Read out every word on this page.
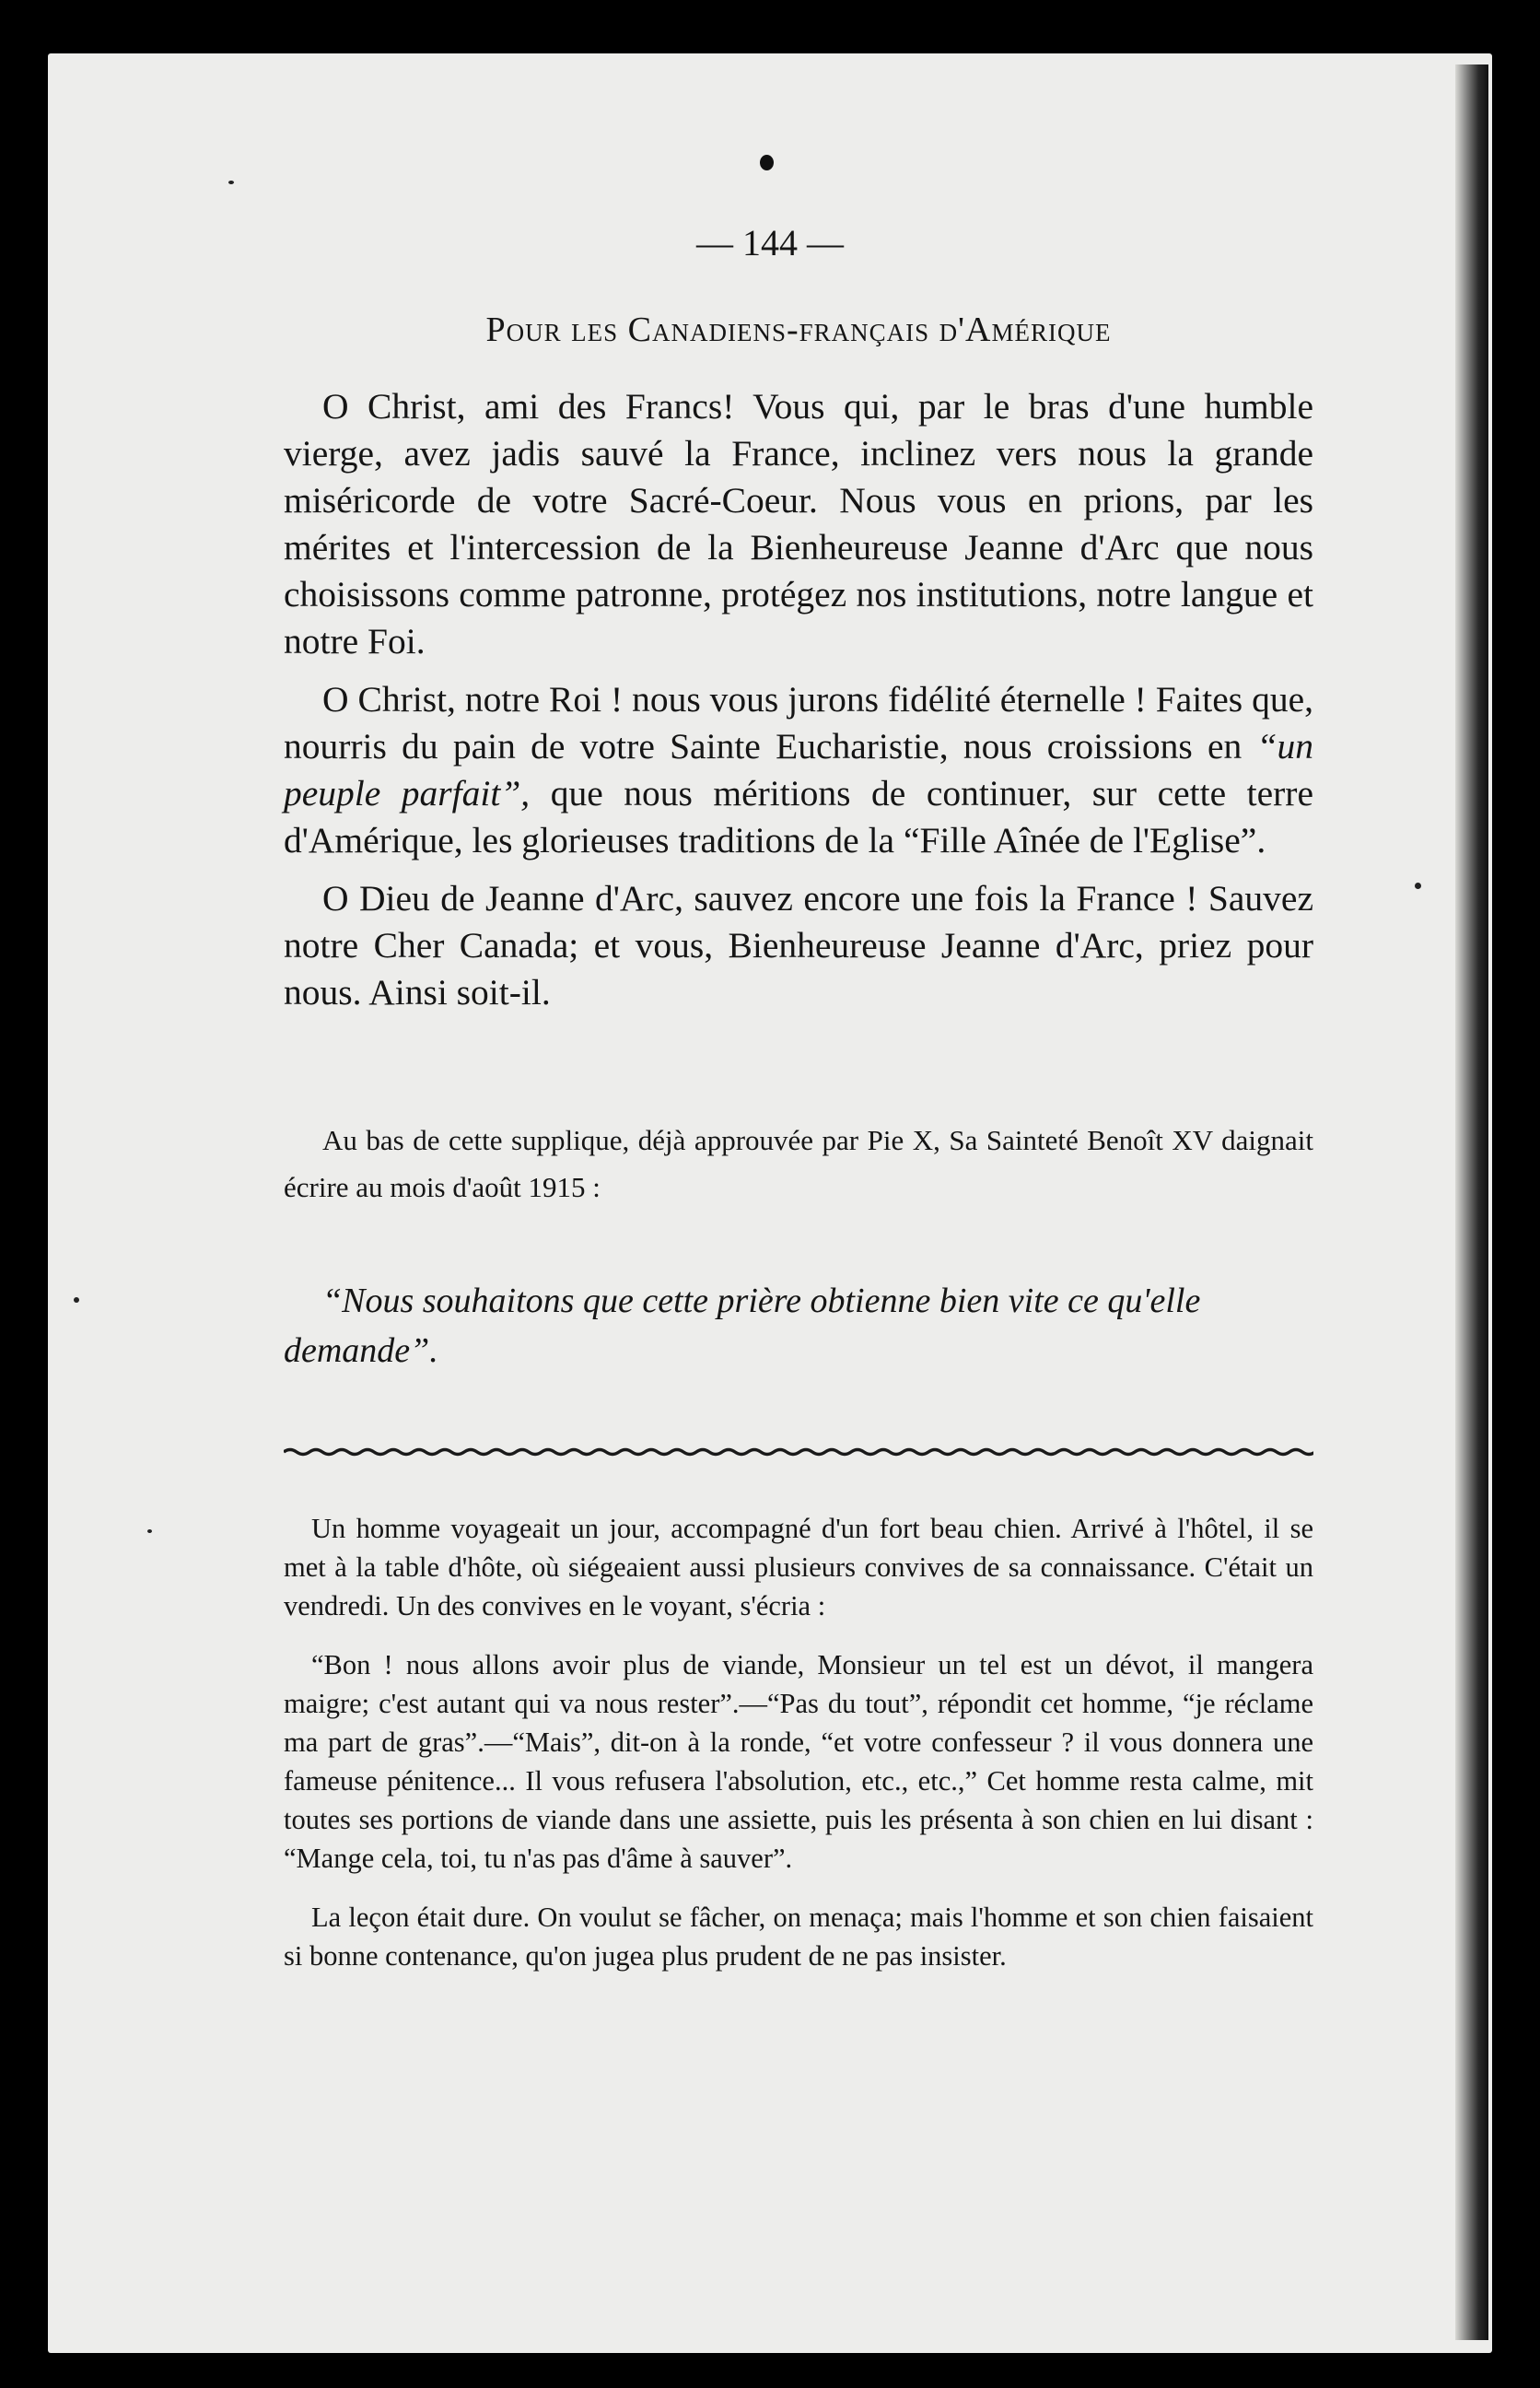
— 144 —
Pour les Canadiens-français d'Amérique

O Christ, ami des Francs! Vous qui, par le bras d'une humble vierge, avez jadis sauvé la France, inclinez vers nous la grande miséricorde de votre Sacré-Coeur. Nous vous en prions, par les mérites et l'intercession de la Bienheureuse Jeanne d'Arc que nous choisissons comme patronne, protégez nos institutions, notre langue et notre Foi.

O Christ, notre Roi ! nous vous jurons fidélité éternelle ! Faites que, nourris du pain de votre Sainte Eucharistie, nous croissions en “un peuple parfait”, que nous méritions de continuer, sur cette terre d'Amérique, les glorieuses traditions de la “Fille Aînée de l'Eglise”.

O Dieu de Jeanne d'Arc, sauvez encore une fois la France ! Sauvez notre Cher Canada; et vous, Bienheureuse Jeanne d'Arc, priez pour nous. Ainsi soit-il.

Au bas de cette supplique, déjà approuvée par Pie X, Sa Sainteté Benoît XV daignait écrire au mois d'août 1915 :

“Nous souhaitons que cette prière obtienne bien vite ce qu'elle demande”.

Un homme voyageait un jour, accompagné d'un fort beau chien. Arrivé à l'hôtel, il se met à la table d'hôte, où siégeaient aussi plusieurs convives de sa connaissance. C'était un vendredi. Un des convives en le voyant, s'écria :

“Bon ! nous allons avoir plus de viande, Monsieur un tel est un dévot, il mangera maigre; c'est autant qui va nous rester”.—“Pas du tout”, répondit cet homme, “je réclame ma part de gras”.—“Mais”, dit-on à la ronde, “et votre confesseur ? il vous donnera une fameuse pénitence... Il vous refusera l'absolution, etc., etc.,” Cet homme resta calme, mit toutes ses portions de viande dans une assiette, puis les présenta à son chien en lui disant : “Mange cela, toi, tu n'as pas d'âme à sauver”.

La leçon était dure. On voulut se fâcher, on menaça; mais l'homme et son chien faisaient si bonne contenance, qu'on jugea plus prudent de ne pas insister.
